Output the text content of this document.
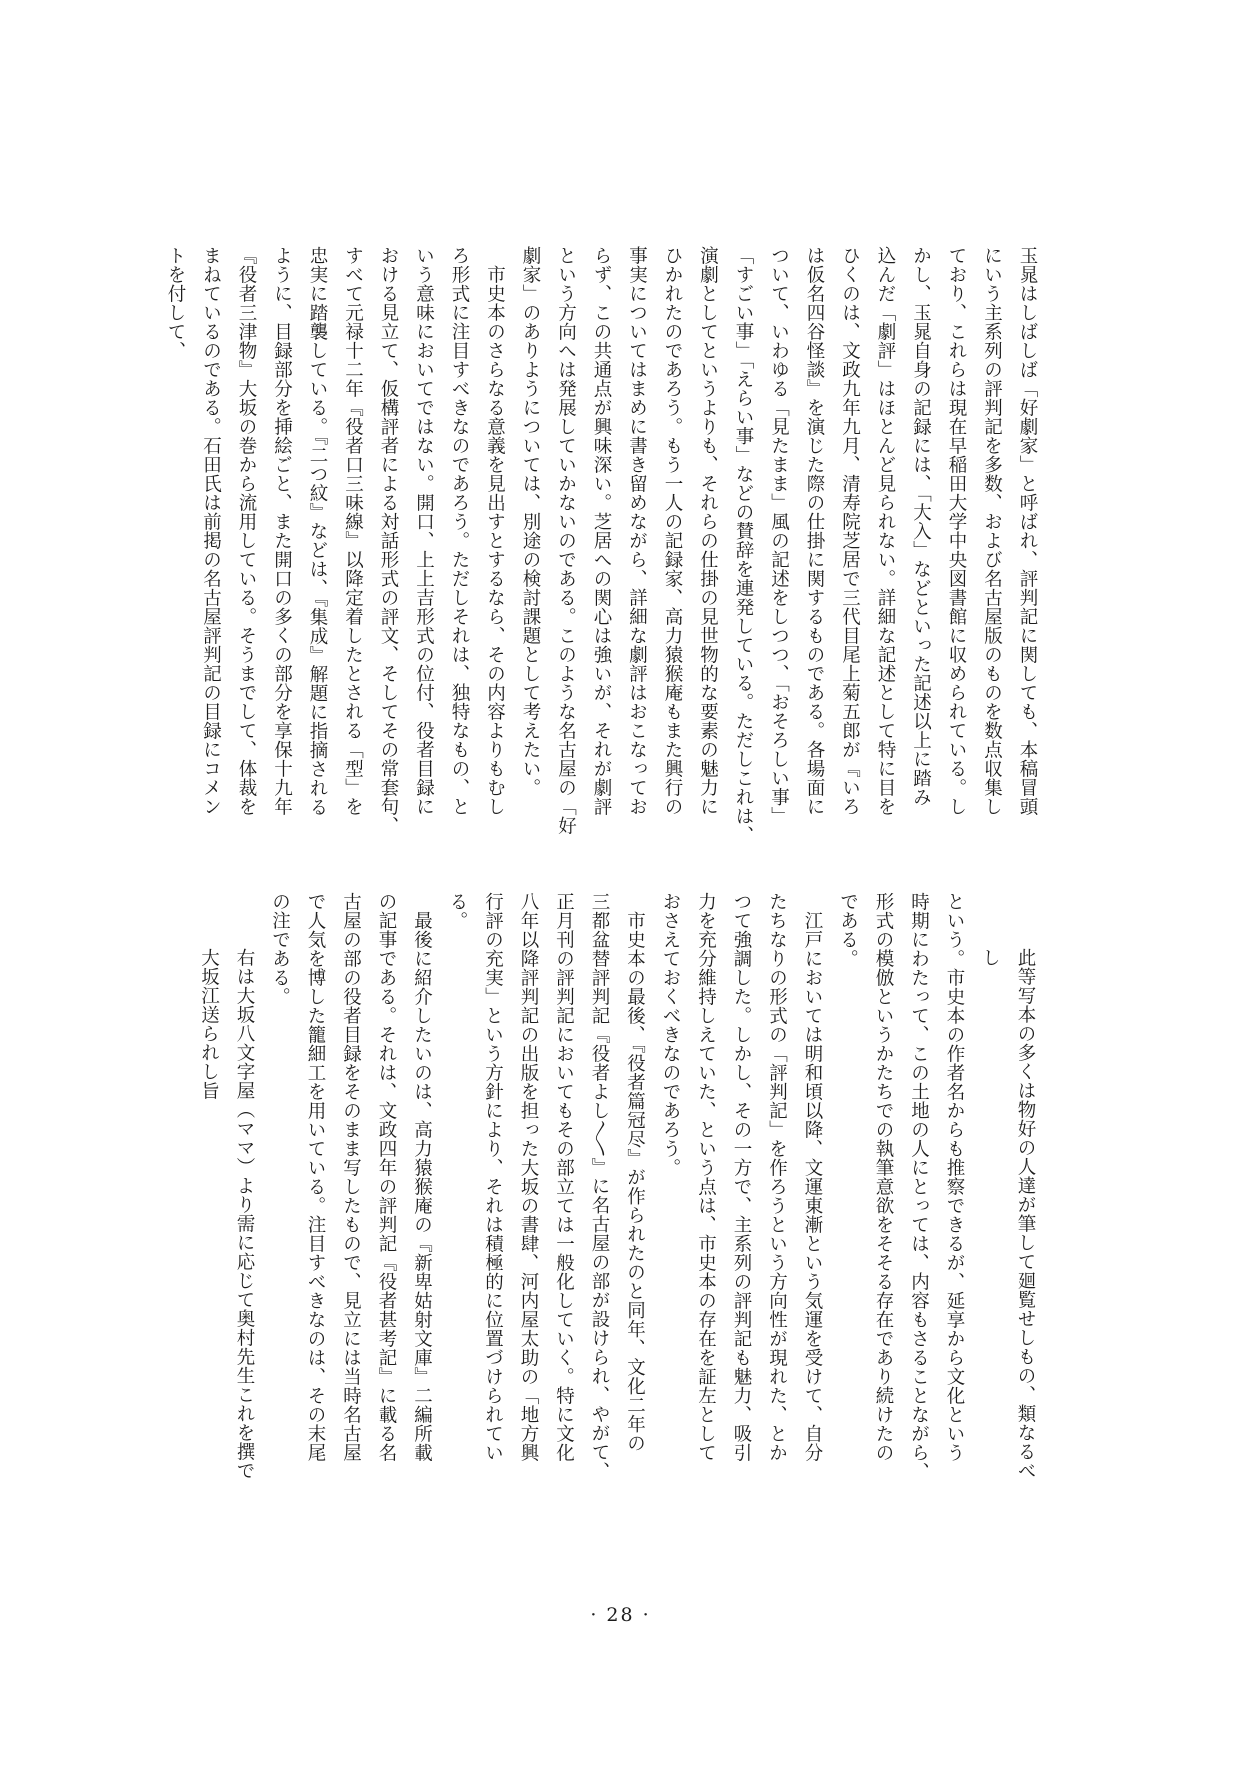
玉晁はしばしば「好劇家」と呼ばれ、評判記に関しても、本稿冒頭
にいう主系列の評判記を多数、および名古屋版のものを数点収集し
ており、これらは現在早稲田大学中央図書館に収められている。し
かし、玉晁自身の記録には、「大入」などといった記述以上に踏み
込んだ「劇評」はほとんど見られない。詳細な記述として特に目を
ひくのは、文政九年九月、清寿院芝居で三代目尾上菊五郎が『いろ
は仮名四谷怪談』を演じた際の仕掛に関するものである。各場面に
ついて、いわゆる「見たまま」風の記述をしつつ、「おそろしい事」
「すごい事」「えらい事」などの賛辞を連発している。ただしこれは、
演劇としてというよりも、それらの仕掛の見世物的な要素の魅力に
ひかれたのであろう。もう一人の記録家、高力猿猴庵もまた興行の
事実についてはまめに書き留めながら、詳細な劇評はおこなってお
らず、この共通点が興味深い。芝居への関心は強いが、それが劇評
という方向へは発展していかないのである。このような名古屋の「好
劇家」のありようについては、別途の検討課題として考えたい。
市史本のさらなる意義を見出すとするなら、その内容よりもむし
ろ形式に注目すべきなのであろう。ただしそれは、独特なもの、と
いう意味においてではない。開口、上上吉形式の位付、役者目録に
おける見立て、仮構評者による対話形式の評文、そしてその常套句、
すべて元禄十二年『役者口三味線』以降定着したとされる「型」を
忠実に踏襲している。『二つ紋』などは、『集成』解題に指摘される
ように、目録部分を挿絵ごと、また開口の多くの部分を享保十九年
『役者三津物』大坂の巻から流用している。そうまでして、体裁を
まねているのである。石田氏は前掲の名古屋評判記の目録にコメン
トを付して、
此等写本の多くは物好の人達が筆して廻覧せしもの、類なるべ
し
という。市史本の作者名からも推察できるが、延享から文化という
時期にわたって、この土地の人にとっては、内容もさることながら、
形式の模倣というかたちでの執筆意欲をそそる存在であり続けたの
である。
江戸においては明和頃以降、文運東漸という気運を受けて、自分
たちなりの形式の「評判記」を作ろうという方向性が現れた、とか
つて強調した。しかし、その一方で、主系列の評判記も魅力、吸引
力を充分維持しえていた、という点は、市史本の存在を証左として
おさえておくべきなのであろう。
市史本の最後、『役者篇冠尽』が作られたのと同年、文化二年の
三都盆替評判記『役者よし〳〵』に名古屋の部が設けられ、やがて、
正月刊の評判記においてもその部立ては一般化していく。特に文化
八年以降評判記の出版を担った大坂の書肆、河内屋太助の「地方興
行評の充実」という方針により、それは積極的に位置づけられてい
る。
最後に紹介したいのは、高力猿猴庵の『新卑姑射文庫』二編所載
の記事である。それは、文政四年の評判記『役者甚考記』に載る名
古屋の部の役者目録をそのまま写したもので、見立には当時名古屋
で人気を博した籠細工を用いている。注目すべきなのは、その末尾
の注である。
右は大坂八文字屋（ママ）より需に応じて奥村先生これを撰で
大坂江送られし旨
· 28 ·
